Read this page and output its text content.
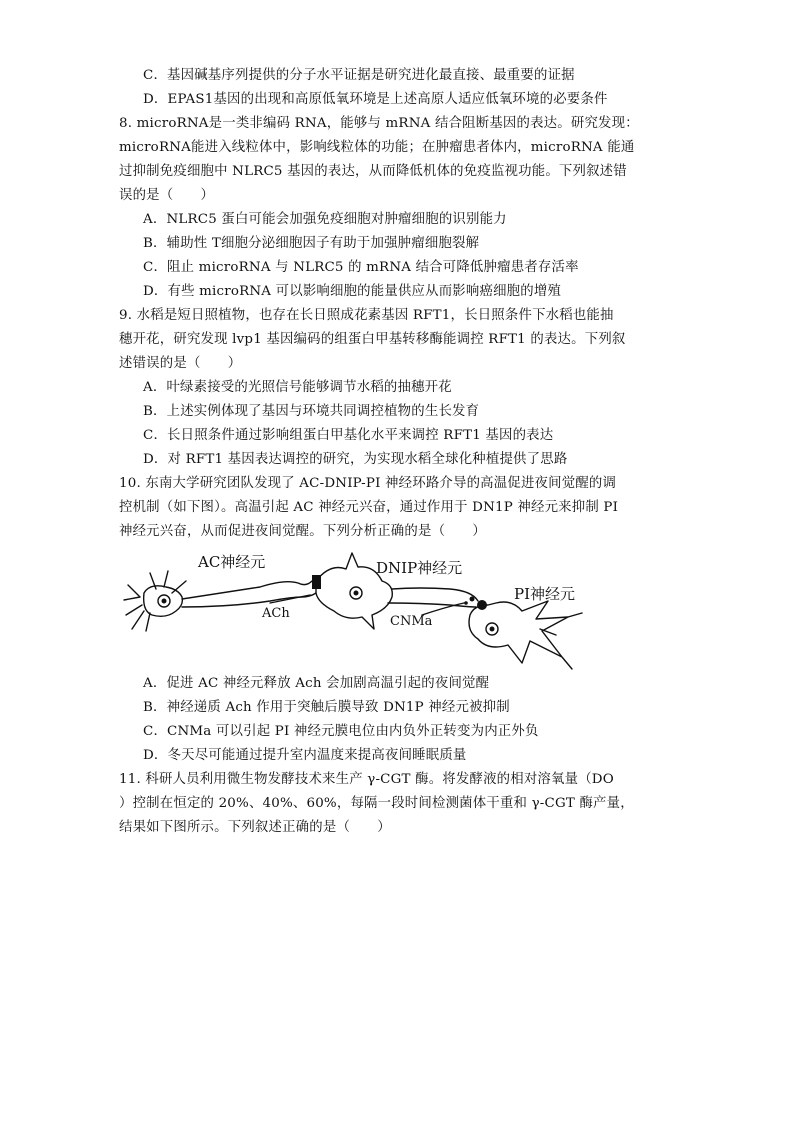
C．基因碱基序列提供的分子水平证据是研究进化最直接、最重要的证据
D．EPAS1基因的出现和高原低氧环境是上述高原人适应低氧环境的必要条件
8. microRNA是一类非编码 RNA，能够与 mRNA 结合阻断基因的表达。研究发现：
microRNA能进入线粒体中，影响线粒体的功能；在肿瘤患者体内，microRNA 能通
过抑制免疫细胞中 NLRC5 基因的表达，从而降低机体的免疫监视功能。下列叙述错
误的是（　　）
A．NLRC5 蛋白可能会加强免疫细胞对肿瘤细胞的识别能力
B．辅助性 T细胞分泌细胞因子有助于加强肿瘤细胞裂解
C．阻止 microRNA 与 NLRC5 的 mRNA 结合可降低肿瘤患者存活率
D．有些 microRNA 可以影响细胞的能量供应从而影响癌细胞的增殖
9. 水稻是短日照植物，也存在长日照成花素基因 RFT1，长日照条件下水稻也能抽
穗开花，研究发现 lvp1 基因编码的组蛋白甲基转移酶能调控 RFT1 的表达。下列叙
述错误的是（　　）
A．叶绿素接受的光照信号能够调节水稻的抽穗开花
B．上述实例体现了基因与环境共同调控植物的生长发育
C．长日照条件通过影响组蛋白甲基化水平来调控 RFT1 基因的表达
D．对 RFT1 基因表达调控的研究，为实现水稻全球化种植提供了思路
10. 东南大学研究团队发现了 AC-DNIP-PI 神经环路介导的高温促进夜间觉醒的调
控机制（如下图）。高温引起 AC 神经元兴奋，通过作用于 DN1P 神经元来抑制 PI
神经元兴奋，从而促进夜间觉醒。下列分析正确的是（　　）
AC神经元	DNIP神经元
PI神经元
ACh
CNMa
A．促进 AC 神经元释放 Ach 会加剧高温引起的夜间觉醒
B．神经递质 Ach 作用于突触后膜导致 DN1P 神经元被抑制
C．CNMa 可以引起 PI 神经元膜电位由内负外正转变为内正外负
D．冬天尽可能通过提升室内温度来提高夜间睡眠质量
11. 科研人员利用微生物发酵技术来生产 γ-CGT 酶。将发酵液的相对溶氧量（DO
）控制在恒定的 20%、40%、60%，每隔一段时间检测菌体干重和 γ-CGT 酶产量，
结果如下图所示。下列叙述正确的是（　　）
